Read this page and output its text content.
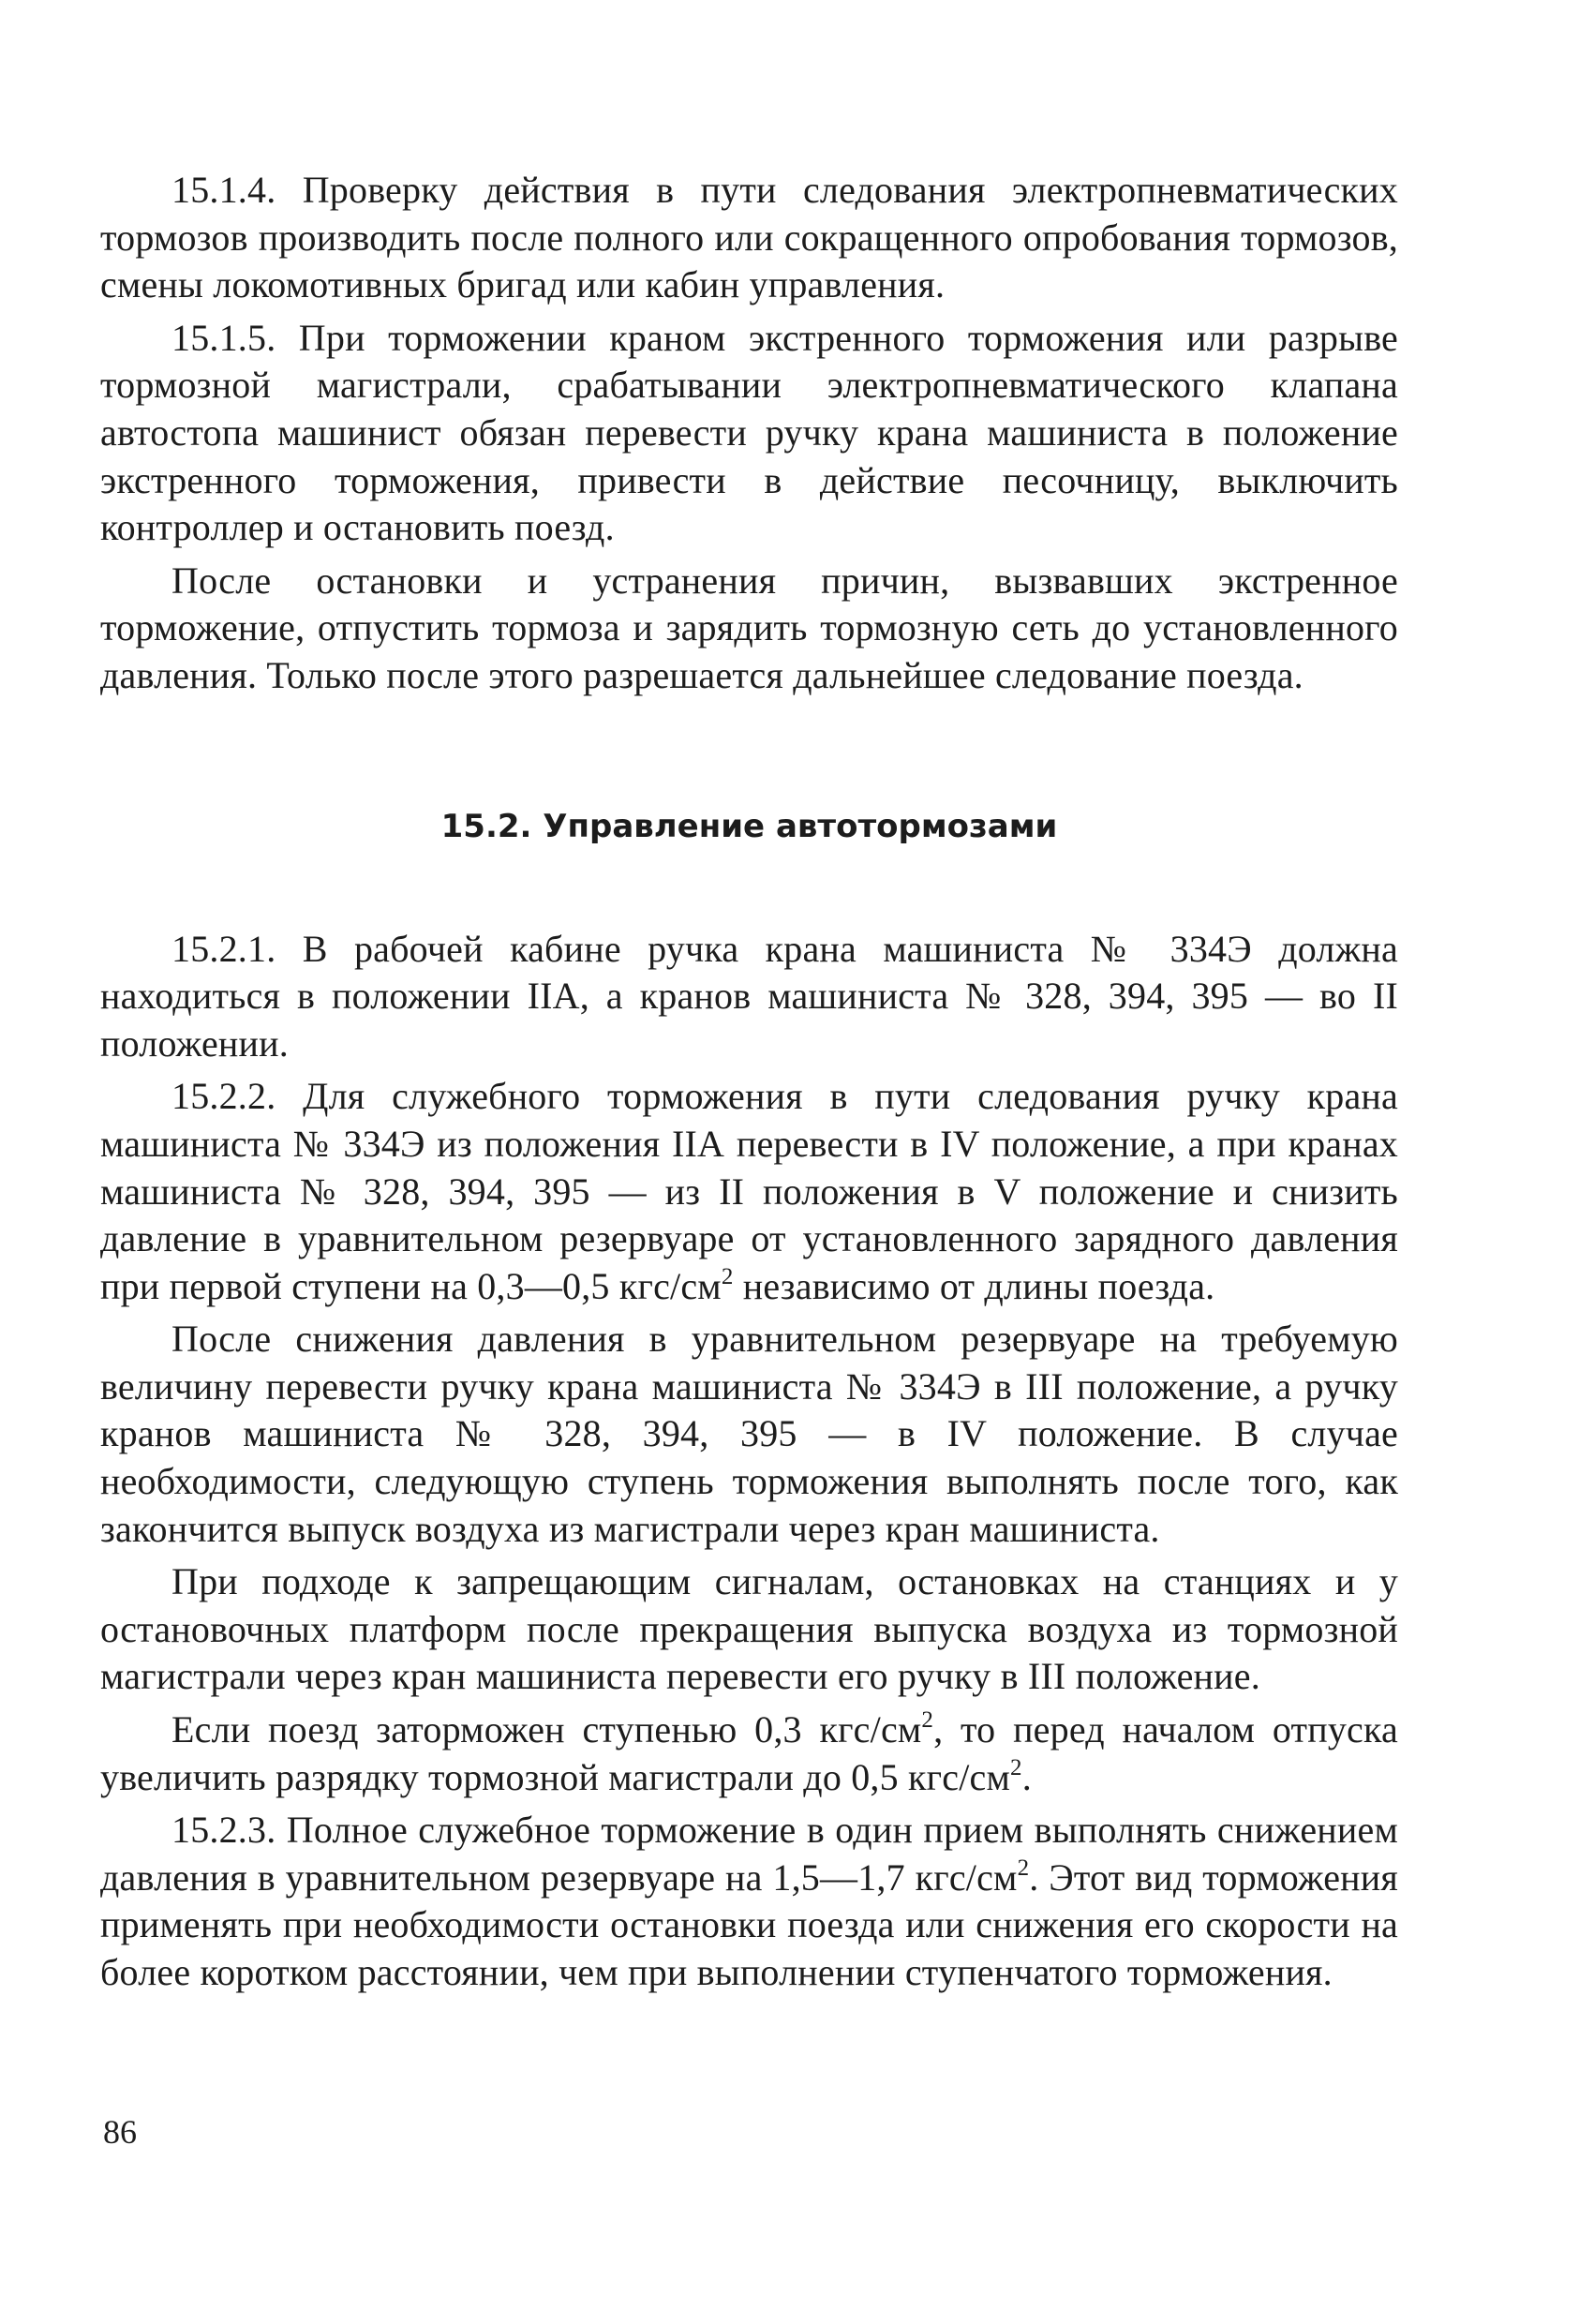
15.1.4. Проверку действия в пути следования электропневматических тормозов производить после полного или сокращенного опробования тормозов, смены локомотивных бригад или кабин управления.

15.1.5. При торможении краном экстренного торможения или разрыве тормозной магистрали, срабатывании электропневматического клапана автостопа машинист обязан перевести ручку крана машиниста в положение экстренного торможения, привести в действие песочницу, выключить контроллер и остановить поезд.

После остановки и устранения причин, вызвавших экстренное торможение, отпустить тормоза и зарядить тормозную сеть до установленного давления. Только после этого разрешается дальнейшее следование поезда.

15.2. Управление автотормозами

15.2.1. В рабочей кабине ручка крана машиниста № 334Э должна находиться в положении IIА, а кранов машиниста № 328, 394, 395 — во II положении.

15.2.2. Для служебного торможения в пути следования ручку крана машиниста № 334Э из положения IIА перевести в IV положение, а при кранах машиниста № 328, 394, 395 — из II положения в V положение и снизить давление в уравнительном резервуаре от установленного зарядного давления при первой ступени на 0,3—0,5 кгс/$см^2$ независимо от длины поезда.

После снижения давления в уравнительном резервуаре на требуемую величину перевести ручку крана машиниста № 334Э в III положение, а ручку кранов машиниста № 328, 394, 395 — в IV положение. В случае необходимости, следующую ступень торможения выполнять после того, как закончится выпуск воздуха из магистрали через кран машиниста.

При подходе к запрещающим сигналам, остановках на станциях и у остановочных платформ после прекращения выпуска воздуха из тормозной магистрали через кран машиниста перевести его ручку в III положение.

Если поезд заторможен ступенью 0,3 кгс/$см^2$, то перед началом отпуска увеличить разрядку тормозной магистрали до 0,5 кгс/$см^2$.

15.2.3. Полное служебное торможение в один прием выполнять снижением давления в уравнительном резервуаре на 1,5—1,7 кгс/$см^2$. Этот вид торможения применять при необходимости остановки поезда или снижения его скорости на более коротком расстоянии, чем при выполнении ступенчатого торможения.

86
